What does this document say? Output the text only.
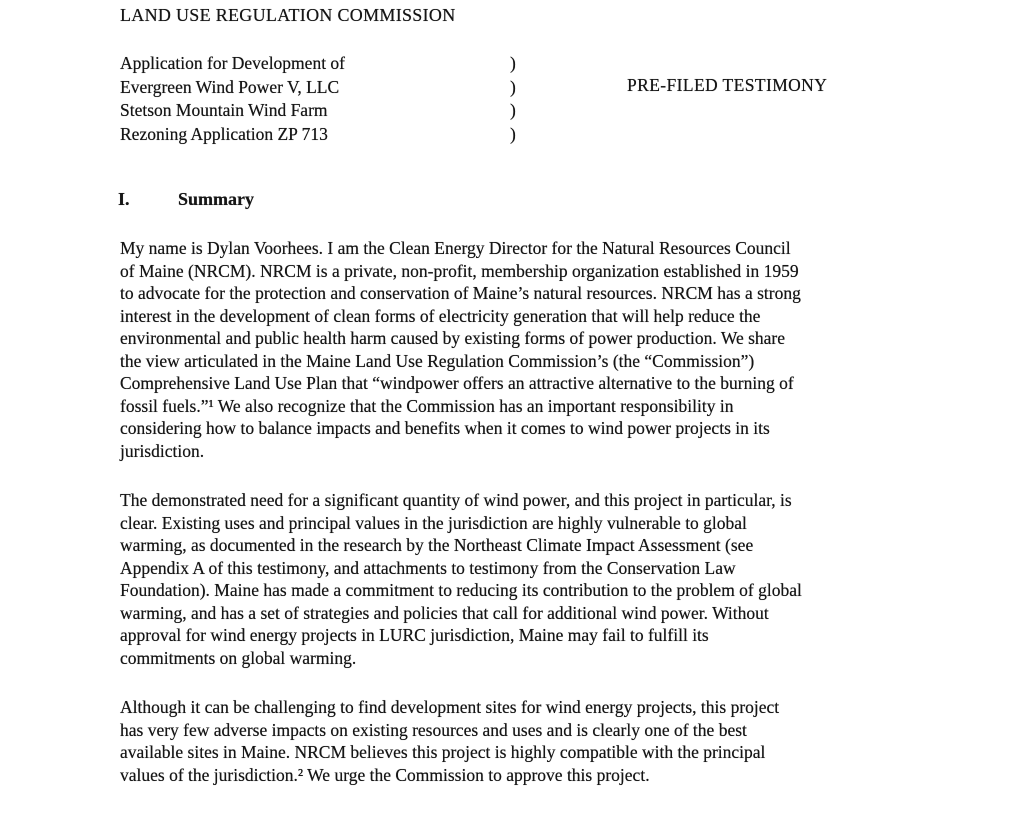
LAND USE REGULATION COMMISSION
Application for Development of	)
Evergreen Wind Power V, LLC	)
Stetson Mountain Wind Farm	)
Rezoning Application ZP 713	)
PRE-FILED TESTIMONY
I.	Summary
My name is Dylan Voorhees. I am the Clean Energy Director for the Natural Resources Council
of Maine (NRCM). NRCM is a private, non-profit, membership organization established in 1959
to advocate for the protection and conservation of Maine’s natural resources. NRCM has a strong
interest in the development of clean forms of electricity generation that will help reduce the
environmental and public health harm caused by existing forms of power production. We share
the view articulated in the Maine Land Use Regulation Commission’s (the “Commission”)
Comprehensive Land Use Plan that “windpower offers an attractive alternative to the burning of
fossil fuels.”¹ We also recognize that the Commission has an important responsibility in
considering how to balance impacts and benefits when it comes to wind power projects in its
jurisdiction.
The demonstrated need for a significant quantity of wind power, and this project in particular, is
clear. Existing uses and principal values in the jurisdiction are highly vulnerable to global
warming, as documented in the research by the Northeast Climate Impact Assessment (see
Appendix A of this testimony, and attachments to testimony from the Conservation Law
Foundation). Maine has made a commitment to reducing its contribution to the problem of global
warming, and has a set of strategies and policies that call for additional wind power. Without
approval for wind energy projects in LURC jurisdiction, Maine may fail to fulfill its
commitments on global warming.
Although it can be challenging to find development sites for wind energy projects, this project
has very few adverse impacts on existing resources and uses and is clearly one of the best
available sites in Maine. NRCM believes this project is highly compatible with the principal
values of the jurisdiction.² We urge the Commission to approve this project.
